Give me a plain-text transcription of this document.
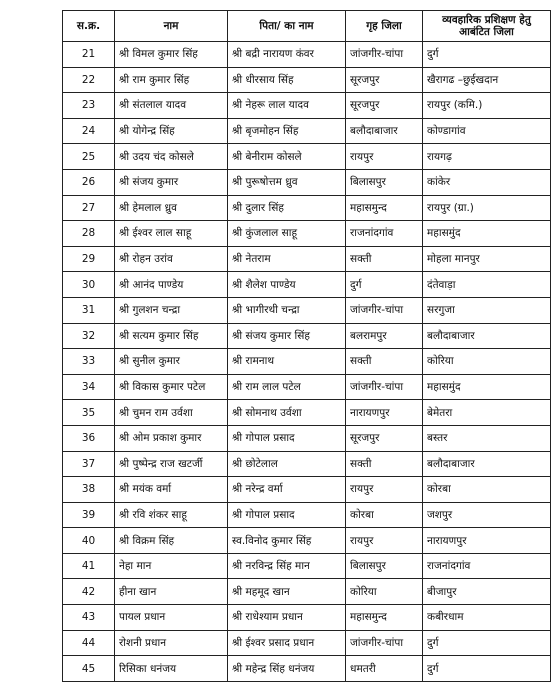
स.क्र.	नाम	पिता/ का नाम	गृह जिला	व्यवहारिक प्रशिक्षण हेतु आबंटित जिला
21	श्री विमल कुमार सिंह	श्री बद्री नारायण कंवर	जांजगीर-चांपा	दुर्ग
22	श्री राम कुमार सिंह	श्री धीरसाय सिंह	सूरजपुर	खैरागढ –छुईखदान
23	श्री संतलाल यादव	श्री नेहरू लाल यादव	सूरजपुर	रायपुर (कमि.)
24	श्री योगेन्द्र सिंह	श्री बृजमोहन सिंह	बलौदाबाजार	कोण्डागांव
25	श्री उदय चंद कोसले	श्री बेनीराम कोसले	रायपुर	रायगढ़
26	श्री संजय कुमार	श्री पुरूषोत्तम ध्रुव	बिलासपुर	कांकेर
27	श्री हेमलाल ध्रुव	श्री दुलार सिंह	महासमुन्द	रायपुर (ग्रा.)
28	श्री ईश्वर लाल साहू	श्री कुंजलाल साहू	राजनांदगांव	महासमुंद
29	श्री रोहन उरांव	श्री नेतराम	सक्ती	मोहला मानपुर
30	श्री आनंद पाण्डेय	श्री शैलेश पाण्डेय	दुर्ग	दंतेवाड़ा
31	श्री गुलशन चन्द्रा	श्री भागीरथी चन्द्रा	जांजगीर-चांपा	सरगुजा
32	श्री सत्यम कुमार सिंह	श्री संजय कुमार सिंह	बलरामपुर	बलौदाबाजार
33	श्री सुनील कुमार	श्री रामनाथ	सक्ती	कोरिया
34	श्री विकास कुमार पटेल	श्री राम लाल पटेल	जांजगीर-चांपा	महासमुंद
35	श्री चुमन राम उर्वशा	श्री सोमनाथ उर्वशा	नारायणपुर	बेमेतरा
36	श्री ओम प्रकाश कुमार	श्री गोपाल प्रसाद	सूरजपुर	बस्तर
37	श्री पुष्पेन्द्र राज खटर्जी	श्री छोटेलाल	सक्ती	बलौदाबाजार
38	श्री मयंक वर्मा	श्री नरेन्द्र वर्मा	रायपुर	कोरबा
39	श्री रवि शंकर साहू	श्री गोपाल प्रसाद	कोरबा	जशपुर
40	श्री विक्रम सिंह	स्व.विनोद कुमार सिंह	रायपुर	नारायणपुर
41	नेहा मान	श्री नरविन्द्र सिंह मान	बिलासपुर	राजनांदगांव
42	हीना खान	श्री महमूद खान	कोरिया	बीजापुर
43	पायल प्रधान	श्री राधेश्याम प्रधान	महासमुन्द	कबीरधाम
44	रोशनी प्रधान	श्री ईश्वर प्रसाद प्रधान	जांजगीर-चांपा	दुर्ग
45	रिसिका धनंजय	श्री महेन्द्र सिंह धनंजय	धमतरी	दुर्ग
